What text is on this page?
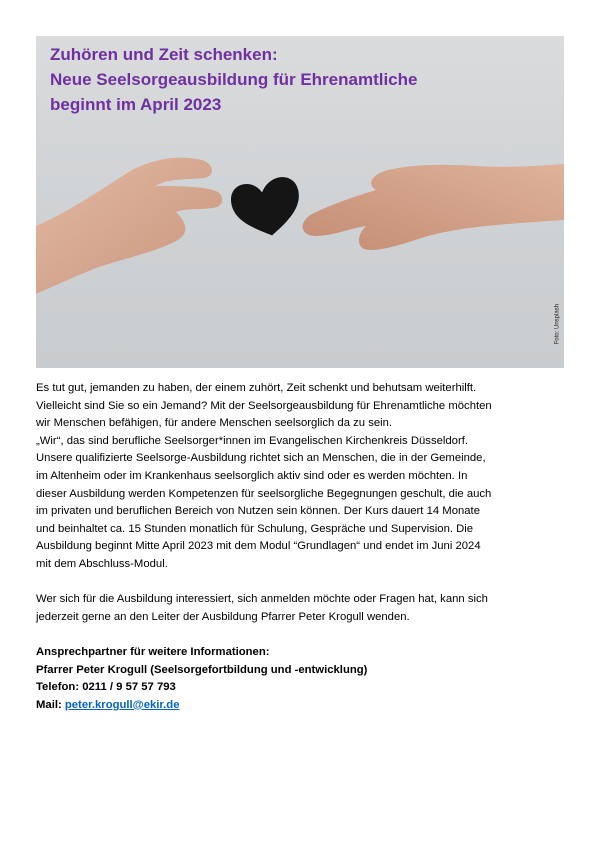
Zuhören und Zeit schenken:
Neue Seelsorgeausbildung für Ehrenamtliche
beginnt im April 2023
Foto: Unsplash

Es tut gut, jemanden zu haben, der einem zuhört, Zeit schenkt und behutsam weiterhilft.

Vielleicht sind Sie so ein Jemand? Mit der Seelsorgeausbildung für Ehrenamtliche möchten

wir Menschen befähigen, für andere Menschen seelsorglich da zu sein.

„Wir“, das sind berufliche Seelsorger*innen im Evangelischen Kirchenkreis Düsseldorf.

Unsere qualifizierte Seelsorge-Ausbildung richtet sich an Menschen, die in der Gemeinde,

im Altenheim oder im Krankenhaus seelsorglich aktiv sind oder es werden möchten. In

dieser Ausbildung werden Kompetenzen für seelsorgliche Begegnungen geschult, die auch

im privaten und beruflichen Bereich von Nutzen sein können. Der Kurs dauert 14 Monate

und beinhaltet ca. 15 Stunden monatlich für Schulung, Gespräche und Supervision. Die

Ausbildung beginnt Mitte April 2023 mit dem Modul “Grundlagen“ und endet im Juni 2024

mit dem Abschluss-Modul.

Wer sich für die Ausbildung interessiert, sich anmelden möchte oder Fragen hat, kann sich

jederzeit gerne an den Leiter der Ausbildung Pfarrer Peter Krogull wenden.

Ansprechpartner für weitere Informationen:

Pfarrer Peter Krogull (Seelsorgefortbildung und -entwicklung)

Telefon: 0211 / 9 57 57 793

Mail: peter.krogull@ekir.de
